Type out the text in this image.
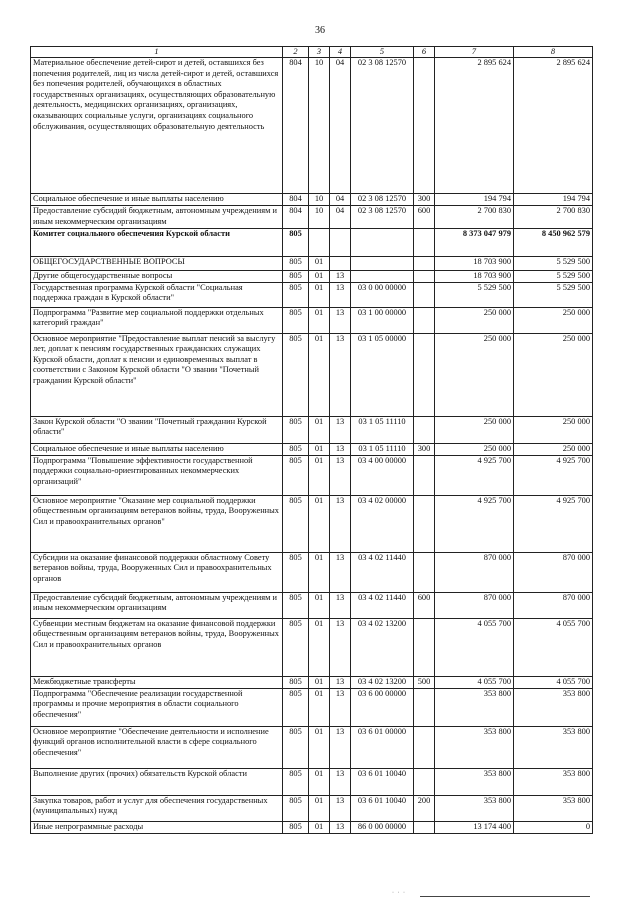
36
1	2	3	4	5	6	7	8
Материальное обеспечение детей-сирот и детей, оставшихся без попечения родителей, лиц из числа детей-сирот и детей, оставшихся без попечения родителей, обучающихся в областных государственных организациях, осуществляющих образовательную деятельность, медицинских организациях, организациях, оказывающих социальные услуги, организациях социального обслуживания, осуществляющих образовательную деятельность	804	10	04	02 3 08 12570		2 895 624	2 895 624
Социальное обеспечение и иные выплаты населению	804	10	04	02 3 08 12570	300	194 794	194 794
Предоставление субсидий бюджетным, автономным учреждениям и иным некоммерческим организациям	804	10	04	02 3 08 12570	600	2 700 830	2 700 830
Комитет социального обеспечения Курской области	805					8 373 047 979	8 450 962 579
ОБЩЕГОСУДАРСТВЕННЫЕ ВОПРОСЫ	805	01				18 703 900	5 529 500
Другие общегосударственные вопросы	805	01	13			18 703 900	5 529 500
Государственная программа Курской области "Социальная поддержка граждан в Курской области"	805	01	13	03 0 00 00000		5 529 500	5 529 500
Подпрограмма "Развитие мер социальной поддержки отдельных категорий граждан"	805	01	13	03 1 00 00000		250 000	250 000
Основное мероприятие "Предоставление выплат пенсий за выслугу лет, доплат к пенсиям государственных гражданских служащих Курской области, доплат к пенсии и единовременных выплат в соответствии с Законом Курской области "О звании "Почетный гражданин Курской области"	805	01	13	03 1 05 00000		250 000	250 000
Закон Курской области "О звании "Почетный гражданин Курской области"	805	01	13	03 1 05 11110		250 000	250 000
Социальное обеспечение и иные выплаты населению	805	01	13	03 1 05 11110	300	250 000	250 000
Подпрограмма "Повышение эффективности государственной поддержки социально-ориентированных некоммерческих организаций"	805	01	13	03 4 00 00000		4 925 700	4 925 700
Основное мероприятие "Оказание мер социальной поддержки общественным организациям ветеранов войны, труда, Вооруженных Сил и правоохранительных органов"	805	01	13	03 4 02 00000		4 925 700	4 925 700
Субсидии на оказание финансовой поддержки областному Совету ветеранов войны, труда, Вооруженных Сил и правоохранительных органов	805	01	13	03 4 02 11440		870 000	870 000
Предоставление субсидий бюджетным, автономным учреждениям и иным некоммерческим организациям	805	01	13	03 4 02 11440	600	870 000	870 000
Субвенции местным бюджетам на оказание финансовой поддержки общественным организациям ветеранов войны, труда, Вооруженных Сил и правоохранительных органов	805	01	13	03 4 02 13200		4 055 700	4 055 700
Межбюджетные трансферты	805	01	13	03 4 02 13200	500	4 055 700	4 055 700
Подпрограмма "Обеспечение реализации государственной программы и прочие мероприятия в области социального обеспечения"	805	01	13	03 6 00 00000		353 800	353 800
Основное мероприятие "Обеспечение деятельности и исполнение функций органов исполнительной власти в сфере социального обеспечения"	805	01	13	03 6 01 00000		353 800	353 800
Выполнение других (прочих) обязательств Курской области	805	01	13	03 6 01 10040		353 800	353 800
Закупка товаров, работ и услуг для обеспечения государственных (муниципальных) нужд	805	01	13	03 6 01 10040	200	353 800	353 800
Иные непрограммные расходы	805	01	13	86 0 00 00000		13 174 400	0
· · ·
